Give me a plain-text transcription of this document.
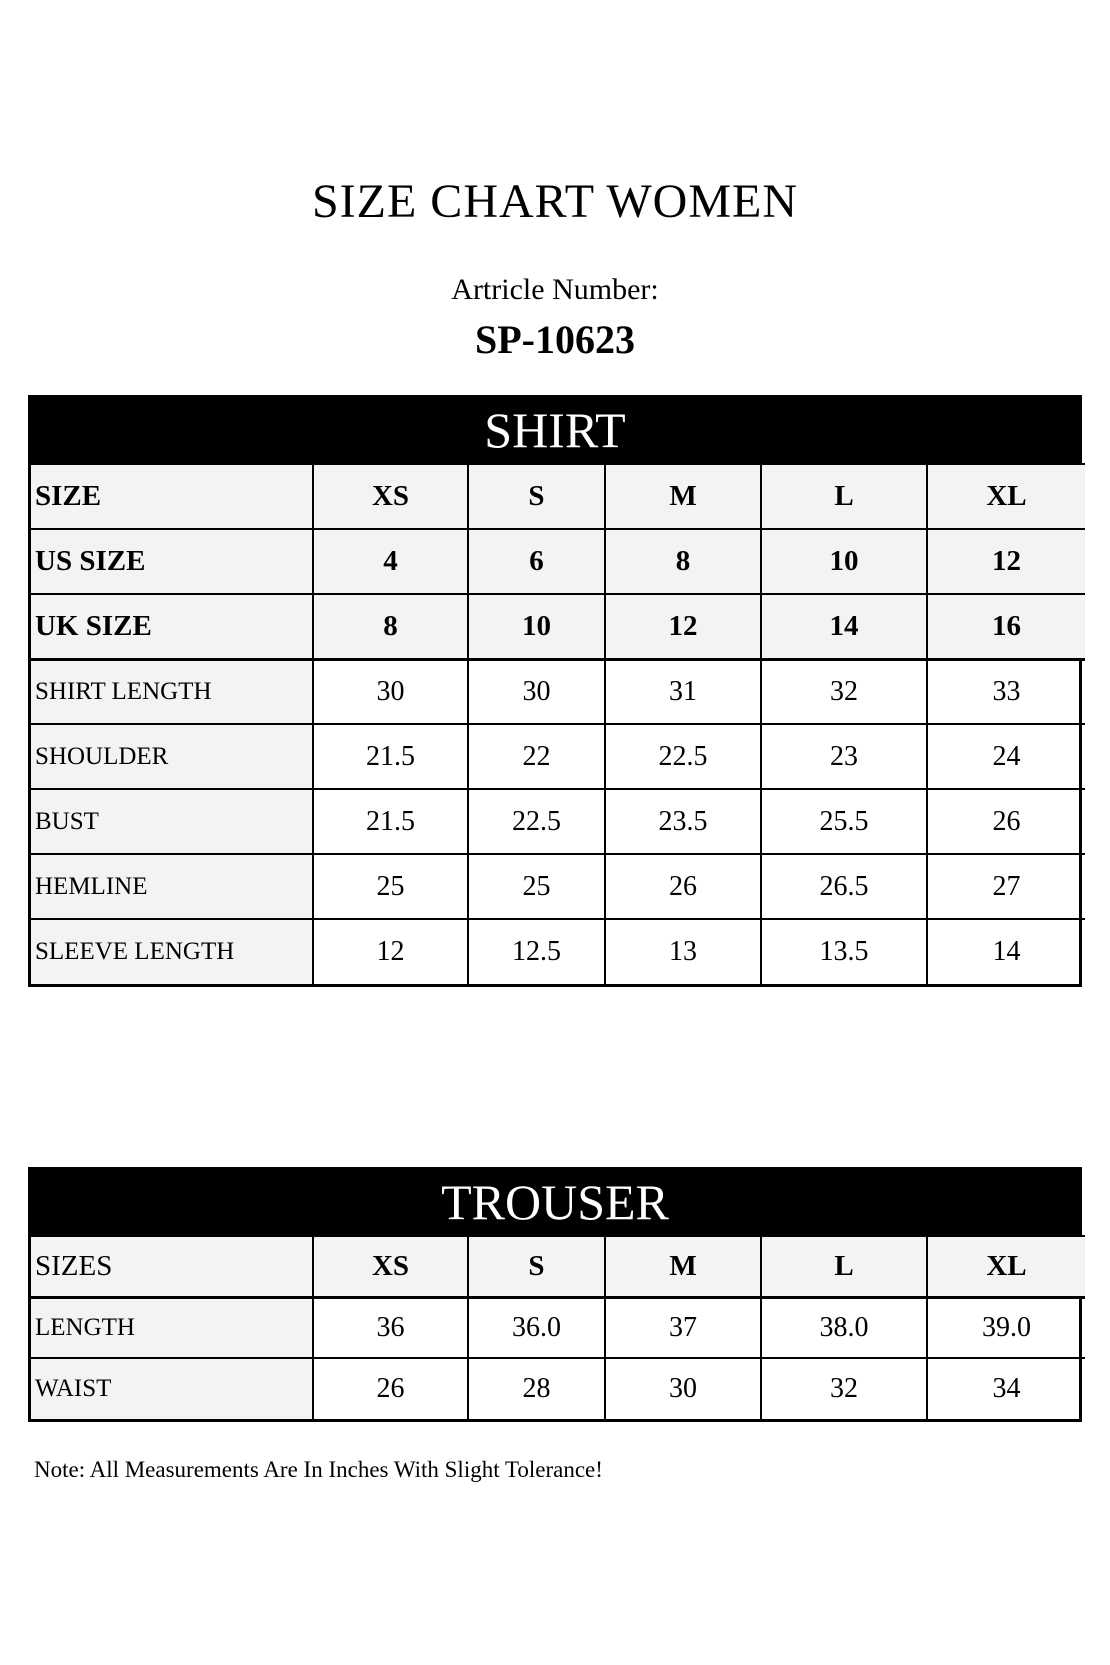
SIZE CHART WOMEN
Artricle Number:
SP-10623
SHIRT
SIZE	XS	S	M	L	XL
US SIZE	4	6	8	10	12
UK SIZE	8	10	12	14	16
SHIRT LENGTH	30	30	31	32	33
SHOULDER	21.5	22	22.5	23	24
BUST	21.5	22.5	23.5	25.5	26
HEMLINE	25	25	26	26.5	27
SLEEVE LENGTH	12	12.5	13	13.5	14
TROUSER
SIZES	XS	S	M	L	XL
LENGTH	36	36.0	37	38.0	39.0
WAIST	26	28	30	32	34
Note: All Measurements Are In Inches With Slight Tolerance!
